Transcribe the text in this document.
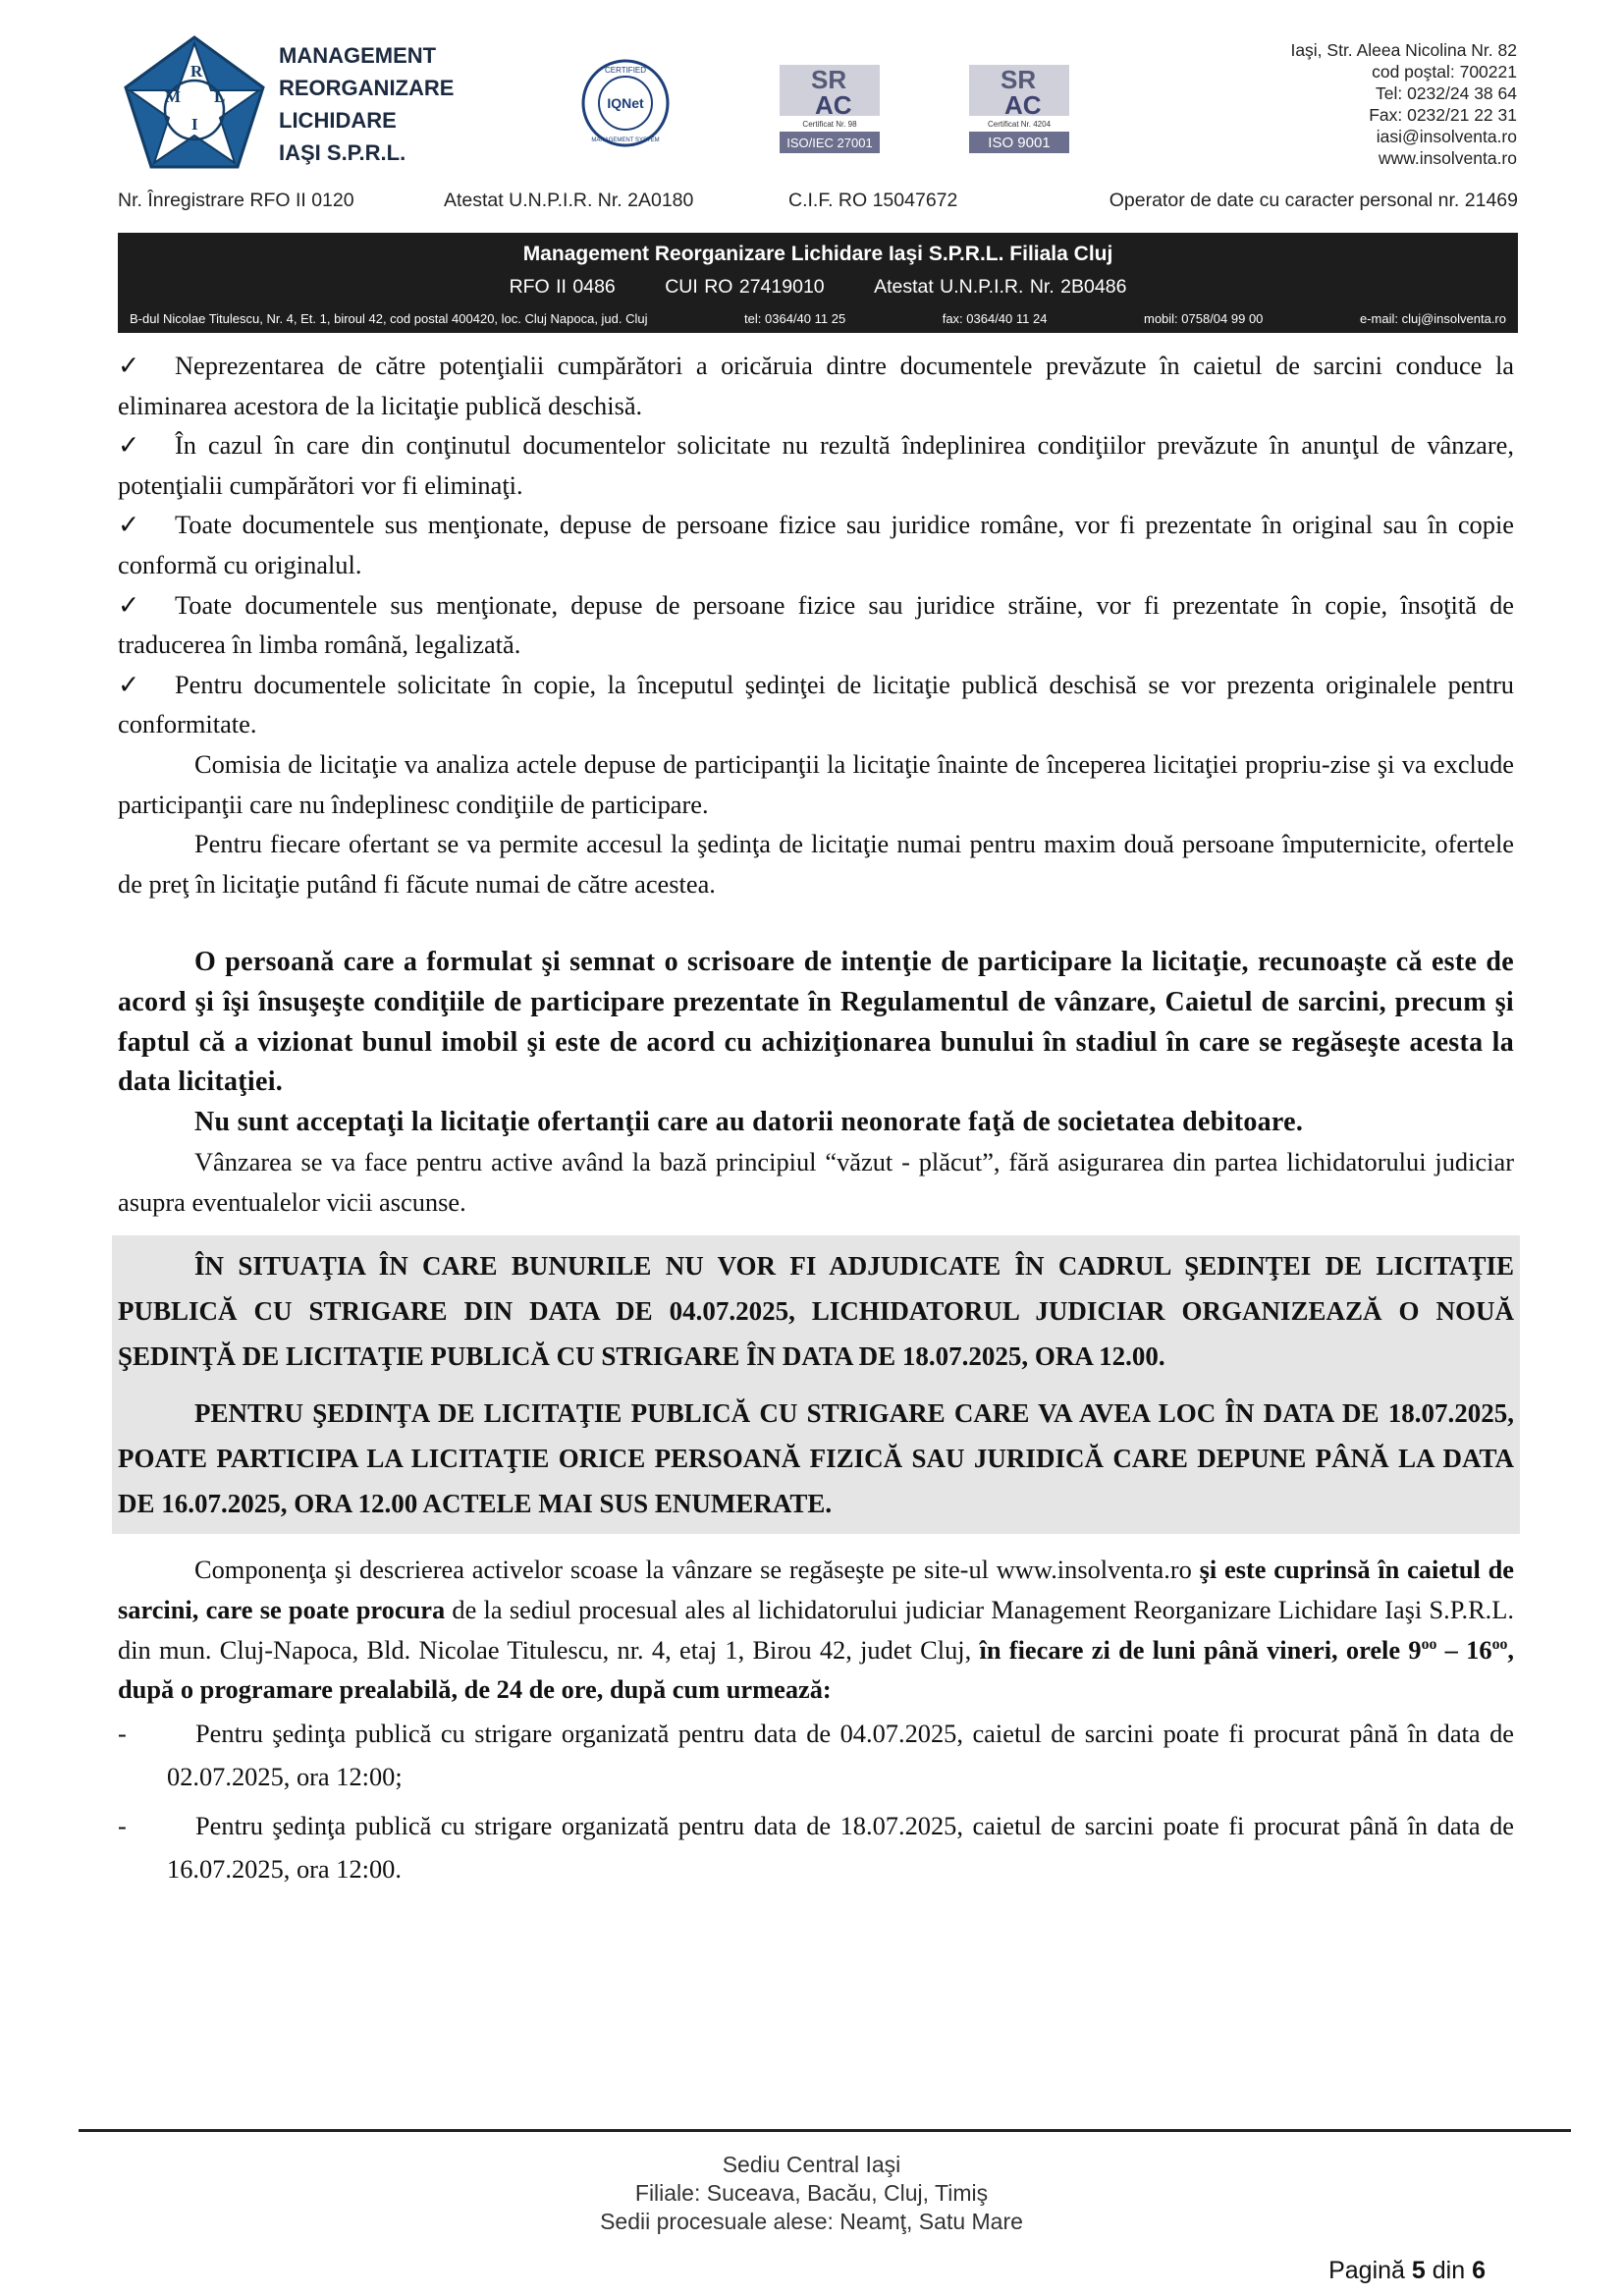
M
R
L
I
MANAGEMENT
REORGANIZARE
LICHIDARE
IAŞI S.P.R.L.
CERTIFIED
IQNet
MANAGEMENT SYSTEM
SR
AC
Certificat Nr. 98
ISO/IEC 27001
SR
AC
Certificat Nr. 4204
ISO 9001
Iaşi, Str. Aleea Nicolina Nr. 82
cod poştal: 700221
Tel: 0232/24 38 64
Fax: 0232/21 22 31
iasi@insolventa.ro
www.insolventa.ro
Nr. Înregistrare RFO II 0120	Atestat U.N.P.I.R. Nr. 2A0180	C.I.F. RO 15047672	Operator de date cu caracter personal nr. 21469
Management Reorganizare Lichidare Iaşi S.P.R.L. Filiala Cluj
RFO II 0486	CUI RO 27419010	Atestat U.N.P.I.R. Nr. 2B0486
B-dul Nicolae Titulescu, Nr. 4, Et. 1, biroul 42, cod postal 400420, loc. Cluj Napoca, jud. Cluj	tel: 0364/40 11 25	fax: 0364/40 11 24	mobil: 0758/04 99 00	e-mail: cluj@insolventa.ro

✓ Neprezentarea de către potenţialii cumpărători a oricăruia dintre documentele prevăzute în caietul de sarcini conduce la eliminarea acestora de la licitaţie publică deschisă.

✓ În cazul în care din conţinutul documentelor solicitate nu rezultă îndeplinirea condiţiilor prevăzute în anunţul de vânzare, potenţialii cumpărători vor fi eliminaţi.

✓ Toate documentele sus menţionate, depuse de persoane fizice sau juridice române, vor fi prezentate în original sau în copie conformă cu originalul.

✓ Toate documentele sus menţionate, depuse de persoane fizice sau juridice străine, vor fi prezentate în copie, însoţită de traducerea în limba română, legalizată.

✓ Pentru documentele solicitate în copie, la începutul şedinţei de licitaţie publică deschisă se vor prezenta originalele pentru conformitate.

Comisia de licitaţie va analiza actele depuse de participanţii la licitaţie înainte de începerea licitaţiei propriu-zise şi va exclude participanţii care nu îndeplinesc condiţiile de participare.

Pentru fiecare ofertant se va permite accesul la şedinţa de licitaţie numai pentru maxim două persoane împuternicite, ofertele de preţ în licitaţie putând fi făcute numai de către acestea.

O persoană care a formulat şi semnat o scrisoare de intenţie de participare la licitaţie, recunoaşte că este de acord şi îşi însuşeşte condiţiile de participare prezentate în Regulamentul de vânzare, Caietul de sarcini, precum şi faptul că a vizionat bunul imobil şi este de acord cu achiziţionarea bunului în stadiul în care se regăseşte acesta la data licitaţiei.

Nu sunt acceptaţi la licitaţie ofertanţii care au datorii neonorate faţă de societatea debitoare.

Vânzarea se va face pentru active având la bază principiul “văzut - plăcut”, fără asigurarea din partea lichidatorului judiciar asupra eventualelor vicii ascunse.

ÎN SITUAŢIA ÎN CARE BUNURILE NU VOR FI ADJUDICATE ÎN CADRUL ŞEDINŢEI DE LICITAŢIE PUBLICĂ CU STRIGARE DIN DATA DE 04.07.2025, LICHIDATORUL JUDICIAR ORGANIZEAZĂ O NOUĂ ŞEDINŢĂ DE LICITAŢIE PUBLICĂ CU STRIGARE ÎN DATA DE 18.07.2025, ORA 12.00.

PENTRU ŞEDINŢA DE LICITAŢIE PUBLICĂ CU STRIGARE CARE VA AVEA LOC ÎN DATA DE 18.07.2025, POATE PARTICIPA LA LICITAŢIE ORICE PERSOANĂ FIZICĂ SAU JURIDICĂ CARE DEPUNE PÂNĂ LA DATA DE 16.07.2025, ORA 12.00 ACTELE MAI SUS ENUMERATE.

Componenţa şi descrierea activelor scoase la vânzare se regăseşte pe site-ul www.insolventa.ro şi este cuprinsă în caietul de sarcini, care se poate procura de la sediul procesual ales al lichidatorului judiciar Management Reorganizare Lichidare Iaşi S.P.R.L. din mun. Cluj-Napoca, Bld. Nicolae Titulescu, nr. 4, etaj 1, Birou 42, judet Cluj, în fiecare zi de luni până vineri, orele $9^{oo} - 16^{oo}$, după o programare prealabilă, de 24 de ore, după cum urmează:

-	Pentru şedinţa publică cu strigare organizată pentru data de 04.07.2025, caietul de sarcini poate fi procurat până în data de 02.07.2025, ora 12:00;

-	Pentru şedinţa publică cu strigare organizată pentru data de 18.07.2025, caietul de sarcini poate fi procurat până în data de 16.07.2025, ora 12:00.

Sediu Central Iaşi
Filiale: Suceava, Bacău, Cluj, Timiş
Sedii procesuale alese: Neamţ, Satu Mare
Pagină 5 din 6
